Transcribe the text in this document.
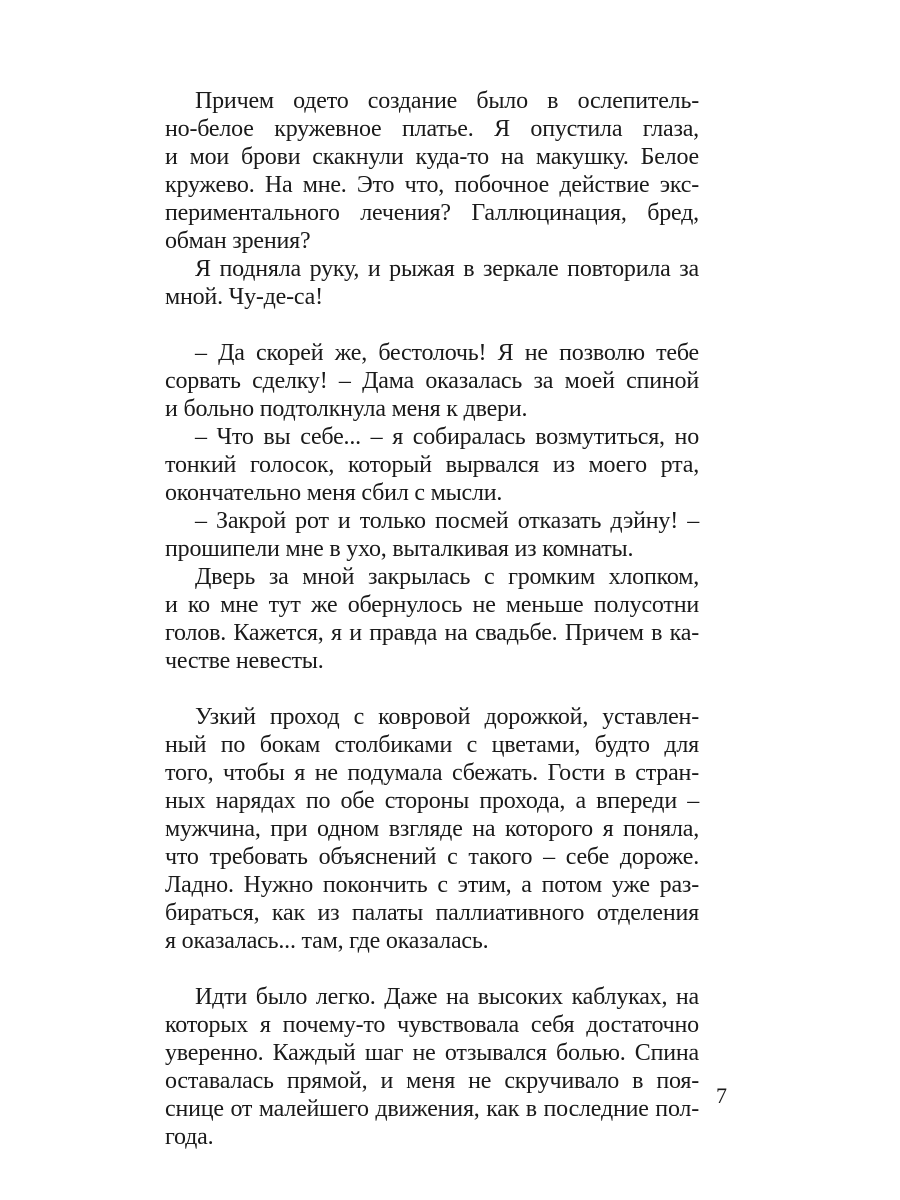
Причем одето создание было в ослепитель-
но-белое кружевное платье. Я опустила глаза,
и мои брови скакнули куда-то на макушку. Белое
кружево. На мне. Это что, побочное действие экс-
периментального лечения? Галлюцинация, бред,
обман зрения?
Я подняла руку, и рыжая в зеркале повторила за
мной. Чу-де-са!
– Да скорей же, бестолочь! Я не позволю тебе
сорвать сделку! – Дама оказалась за моей спиной
и больно подтолкнула меня к двери.
– Что вы себе... – я собиралась возмутиться, но
тонкий голосок, который вырвался из моего рта,
окончательно меня сбил с мысли.
– Закрой рот и только посмей отказать дэйну! –
прошипели мне в ухо, выталкивая из комнаты.
Дверь за мной закрылась с громким хлопком,
и ко мне тут же обернулось не меньше полусотни
голов. Кажется, я и правда на свадьбе. Причем в ка-
честве невесты.
Узкий проход с ковровой дорожкой, уставлен-
ный по бокам столбиками с цветами, будто для
того, чтобы я не подумала сбежать. Гости в стран-
ных нарядах по обе стороны прохода, а впереди –
мужчина, при одном взгляде на которого я поняла,
что требовать объяснений с такого – себе дороже.
Ладно. Нужно покончить с этим, а потом уже раз-
бираться, как из палаты паллиативного отделения
я оказалась... там, где оказалась.
Идти было легко. Даже на высоких каблуках, на
которых я почему-то чувствовала себя достаточно
уверенно. Каждый шаг не отзывался болью. Спина
оставалась прямой, и меня не скручивало в поя-
снице от малейшего движения, как в последние пол-
года.
7
